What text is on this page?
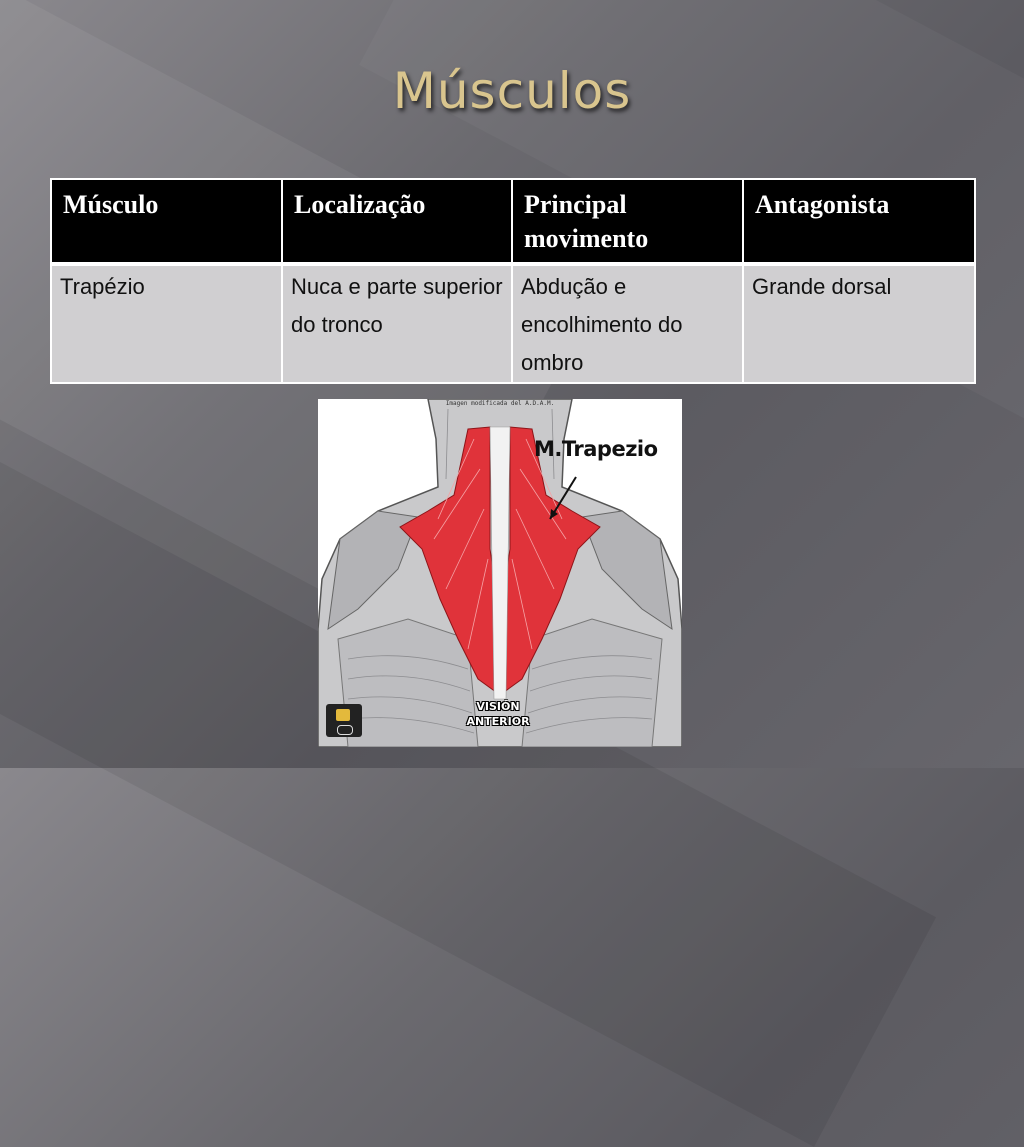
Músculos
Músculo	Localização	Principal movimento	Antagonista
Trapézio	Nuca e parte superior do tronco	Abdução e encolhimento do ombro	Grande dorsal
Imagen modificada del A.D.A.M.
M.Trapezio
VISIÓN
ANTERIOR
